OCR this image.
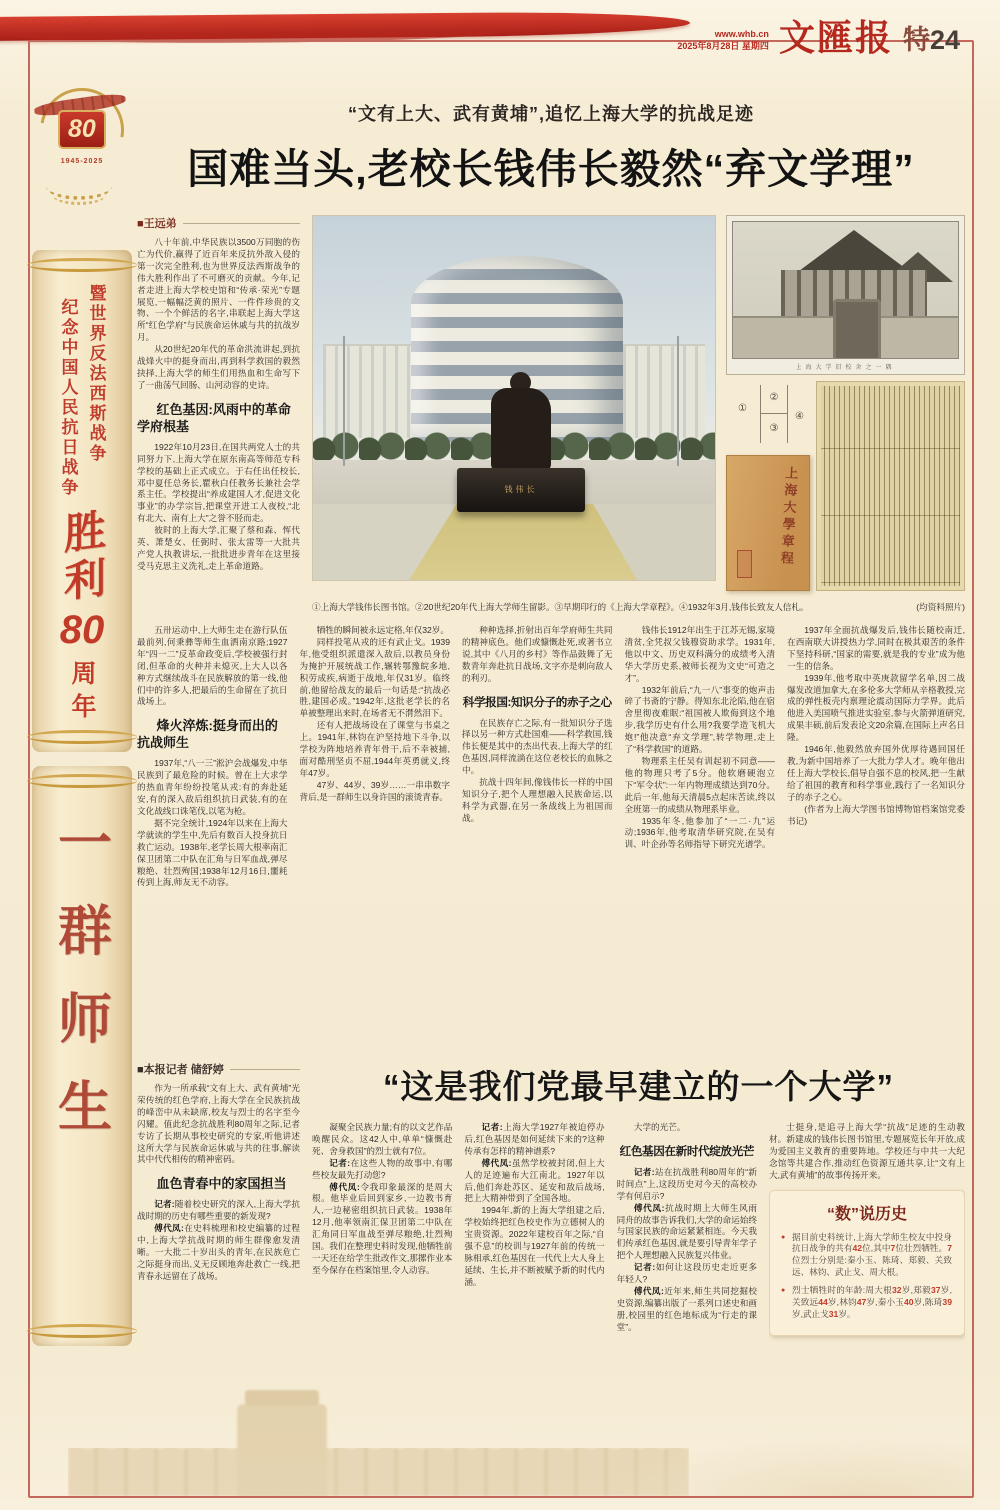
www.whb.cn
2025年8月28日 星期四 文匯报 特24
80
1945-2025
纪念中国人民抗日战争 暨世界反法西斯战争
胜利
80
周年
一群师生
“文有上大、武有黄埔”,追忆上海大学的抗战足迹
国难当头,老校长钱伟长毅然“弃文学理”
■王远弟

八十年前,中华民族以3500万同胞的伤亡为代价,赢得了近百年来反抗外敌入侵的第一次完全胜利,也为世界反法西斯战争的伟大胜利作出了不可磨灭的贡献。今年,记者走进上海大学校史馆和“传承·荣光”专题展览,一幅幅泛黄的照片、一件件珍贵的文物、一个个鲜活的名字,串联起上海大学这所“红色学府”与民族命运休戚与共的抗战岁月。

从20世纪20年代的革命洪流讲起,到抗战烽火中的挺身而出,再到科学救国的毅然抉择,上海大学的师生们用热血和生命写下了一曲荡气回肠、山河动容的史诗。

红色基因:风雨中的革命学府根基

1922年10月23日,在国共两党人士的共同努力下,上海大学在原东南高等师范专科学校的基础上正式成立。于右任出任校长,邓中夏任总务长,瞿秋白任教务长兼社会学系主任。学校提出“养成建国人才,促进文化事业”的办学宗旨,把课堂开进工人夜校,“北有北大、南有上大”之誉不胫而走。

彼时的上海大学,汇聚了蔡和森、恽代英、萧楚女、任弼时、张太雷等一大批共产党人执教讲坛,一批批进步青年在这里接受马克思主义洗礼,走上革命道路。

钱伟长
上海大学旧校舍之一隅
①
②
③
④
上海大學章程
①上海大学钱伟长图书馆。②20世纪20年代上海大学师生留影。③早期印行的《上海大学章程》。④1932年3月,钱伟长致友人信札。	(均资料照片)

五卅运动中,上大师生走在游行队伍最前列,何秉彝等师生血洒南京路;1927年“四一二”反革命政变后,学校被强行封闭,但革命的火种并未熄灭,上大人以各种方式继续战斗在民族解放的第一线,他们中的许多人,把最后的生命留在了抗日战场上。

烽火淬炼:挺身而出的抗战师生

1937年,“八一三”淞沪会战爆发,中华民族到了最危险的时候。曾在上大求学的热血青年纷纷投笔从戎:有的奔赴延安,有的深入敌后组织抗日武装,有的在文化战线口诛笔伐,以笔为枪。

据不完全统计,1924年以来在上海大学就读的学生中,先后有数百人投身抗日救亡运动。1938年,老学长周大根率南汇保卫团第二中队在汇角与日军血战,弹尽粮绝、壮烈殉国;1938年12月16日,噩耗传到上海,师友无不动容。

牺牲的瞬间被永远定格,年仅32岁。

同样投笔从戎的还有武止戈。1939年,他受组织派遣深入敌后,以教员身份为掩护开展统战工作,辗转鄂豫皖多地,积劳成疾,病逝于战地,年仅31岁。临终前,他留给战友的最后一句话是:“抗战必胜,建国必成。”1942年,这批老学长的名单被整理出来时,在场者无不潸然泪下。

还有人把战场设在了课堂与书桌之上。1941年,林钧在沪坚持地下斗争,以学校为阵地培养青年骨干,后不幸被捕,面对酷刑坚贞不屈,1944年英勇就义,终年47岁。

47岁、44岁、39岁……一串串数字背后,是一群师生以身许国的滚烫青春。

种种选择,折射出百年学府师生共同的精神底色。他们或慷慨赴死,或著书立说,其中《八月的乡村》等作品鼓舞了无数青年奔赴抗日战场,文字亦是刺向敌人的利刃。

科学报国:知识分子的赤子之心

在民族存亡之际,有一批知识分子选择以另一种方式赴国难——科学救国,钱伟长便是其中的杰出代表,上海大学的红色基因,同样流淌在这位老校长的血脉之中。

抗战十四年间,像钱伟长一样的中国知识分子,把个人理想融入民族命运,以科学为武器,在另一条战线上为祖国而战。

钱伟长1912年出生于江苏无锡,家境清贫,全凭叔父钱穆资助求学。1931年,他以中文、历史双科满分的成绩考入清华大学历史系,被师长视为文史“可造之才”。

1932年前后,“九一八”事变的炮声击碎了书斋的宁静。得知东北沦陷,他在宿舍里彻夜难眠:“祖国被人欺侮到这个地步,我学历史有什么用?我要学造飞机大炮!”他决意“弃文学理”,转学物理,走上了“科学救国”的道路。

物理系主任吴有训起初不同意——他的物理只考了5分。他软磨硬泡立下“军令状”:一年内物理成绩达到70分。此后一年,他每天清晨5点起床苦读,终以全班第一的成绩从物理系毕业。

1935年冬,他参加了“一二·九”运动;1936年,他考取清华研究院,在吴有训、叶企孙等名师指导下研究光谱学。

1937年全面抗战爆发后,钱伟长随校南迁,在西南联大讲授热力学,同时在极其艰苦的条件下坚持科研,“国家的需要,就是我的专业”成为他一生的信条。

1939年,他考取中英庚款留学名单,因二战爆发改道加拿大,在多伦多大学师从辛格教授,完成的弹性板壳内禀理论震动国际力学界。此后他进入美国喷气推进实验室,参与火箭弹道研究,成果丰硕,前后发表论文20余篇,在国际上声名日隆。

1946年,他毅然放弃国外优厚待遇回国任教,为新中国培养了一大批力学人才。晚年他出任上海大学校长,倡导自强不息的校风,把一生献给了祖国的教育和科学事业,践行了一名知识分子的赤子之心。

(作者为上海大学图书馆博物馆档案馆党委书记)

■本报记者 储舒婷

作为一所承载“文有上大、武有黄埔”光荣传统的红色学府,上海大学在全民族抗战的峰峦中从未缺席,校友与烈士的名字至今闪耀。值此纪念抗战胜利80周年之际,记者专访了长期从事校史研究的专家,听他讲述这所大学与民族命运休戚与共的往事,解读其中代代相传的精神密码。

血色青春中的家国担当

记者:随着校史研究的深入,上海大学抗战时期的历史有哪些重要的新发现?

傅代凤:在史料梳理和校史编纂的过程中,上海大学抗战时期的师生群像愈发清晰。一大批二十岁出头的青年,在民族危亡之际挺身而出,义无反顾地奔赴救亡一线,把青春永远留在了战场。

“这是我们党最早建立的一个大学”

凝聚全民族力量;有的以文艺作品唤醒民众。这42人中,单单“慷慨赴死、舍身救国”的烈士就有7位。

记者:在这些人物的故事中,有哪些校友最先打动您?

傅代凤:令我印象最深的是周大根。他毕业后回到家乡,一边教书育人,一边秘密组织抗日武装。1938年12月,他率领南汇保卫团第二中队在汇角同日军血战至弹尽粮绝,壮烈殉国。我们在整理史料时发现,他牺牲前一天还在给学生批改作文,那摞作业本至今保存在档案馆里,令人动容。

记者:上海大学1927年被迫停办后,红色基因是如何延续下来的?这种传承有怎样的精神谱系?

傅代凤:虽然学校被封闭,但上大人的足迹遍布大江南北。1927年以后,他们奔赴苏区、延安和敌后战场,把上大精神带到了全国各地。

1994年,新的上海大学组建之后,学校始终把红色校史作为立德树人的宝贵资源。2022年建校百年之际,“自强不息”的校训与1927年前的传统一脉相承,红色基因在一代代上大人身上延续、生长,并不断被赋予新的时代内涵。

大学的光芒。

红色基因在新时代绽放光芒

记者:站在抗战胜利80周年的“新时间点”上,这段历史对今天的高校办学有何启示?

傅代凤:抗战时期上大师生风雨同舟的故事告诉我们,大学的命运始终与国家民族的命运紧紧相连。今天我们传承红色基因,就是要引导青年学子把个人理想融入民族复兴伟业。

记者:如何让这段历史走近更多年轻人?

傅代凤:近年来,师生共同挖掘校史资源,编纂出版了一系列口述史和画册,校园里的红色地标成为“行走的课堂”。

士挺身,是追寻上海大学“抗战”足迹的生动教材。新建成的钱伟长图书馆里,专题展览长年开放,成为爱国主义教育的重要阵地。学校还与中共一大纪念馆等共建合作,推动红色资源互通共享,让“文有上大,武有黄埔”的故事传扬开来。

“数”说历史

● 据目前史料统计,上海大学师生校友中投身抗日战争的共有42位,其中7位壮烈牺牲。7位烈士分别是:秦小玉、陈琦、郑毅、关致远、林钧、武止戈、周大根。

● 烈士牺牲时的年龄:周大根32岁,郑毅37岁,关致远44岁,林钧47岁,秦小玉40岁,陈琦39岁,武止戈31岁。
